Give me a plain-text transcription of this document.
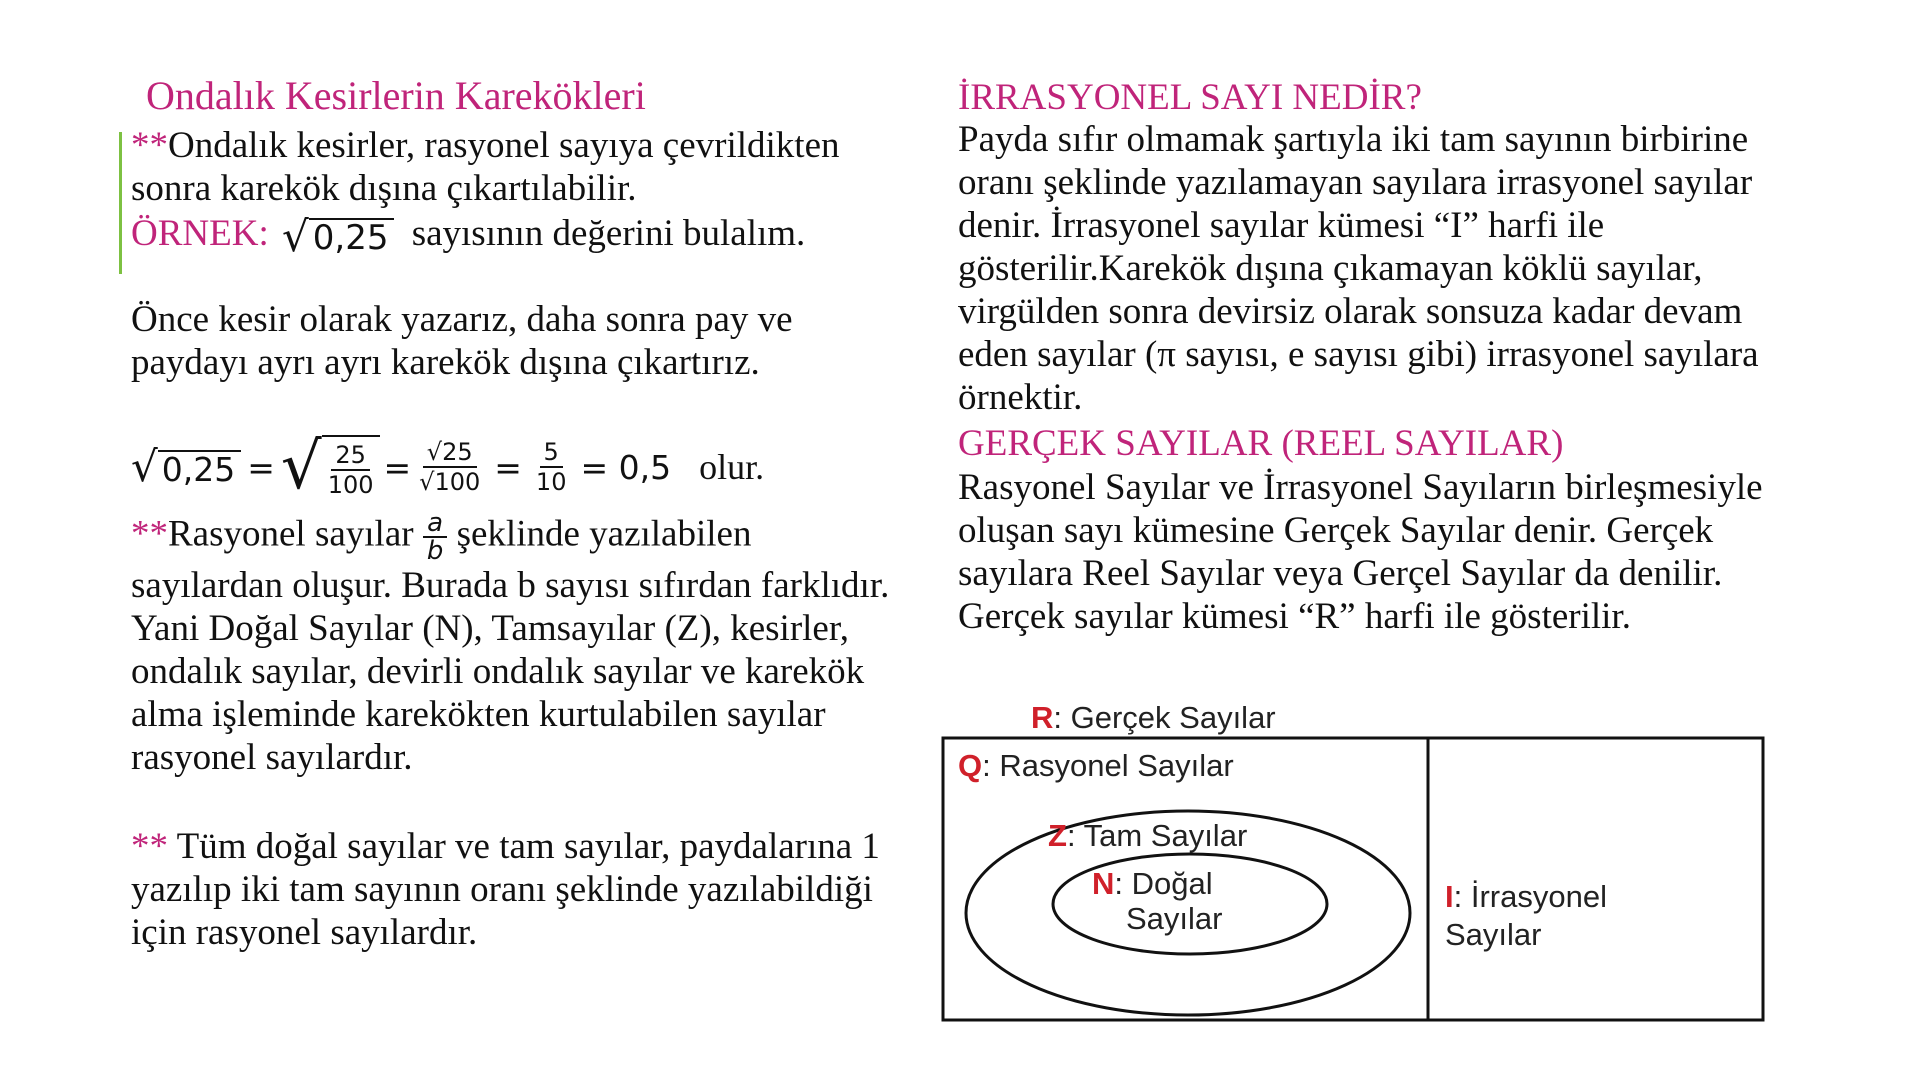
Ondalık Kesirlerin Karekökleri
**Ondalık kesirler, rasyonel sayıya çevrildikten sonra karekök dışına çıkartılabilir.
ÖRNEK: √ 0,25 sayısının değerini bulalım.
Önce kesir olarak yazarız, daha sonra pay ve paydayı ayrı ayrı karekök dışına çıkartırız.
√ 0,25 = √ $\frac{25}{100} = \frac{√25}{√100} = \frac{5}{10} = 0,5$ olur.
**Rasyonel sayılar $\frac{a}{b}$ şeklinde yazılabilen sayılardan oluşur. Burada b sayısı sıfırdan farklıdır. Yani Doğal Sayılar (N), Tamsayılar (Z), kesirler, ondalık sayılar, devirli ondalık sayılar ve karekök alma işleminde karekökten kurtulabilen sayılar rasyonel sayılardır.
** Tüm doğal sayılar ve tam sayılar, paydalarına 1 yazılıp iki tam sayının oranı şeklinde yazılabildiği için rasyonel sayılardır.
İRRASYONEL SAYI NEDİR?
Payda sıfır olmamak şartıyla iki tam sayının birbirine oranı şeklinde yazılamayan sayılara irrasyonel sayılar denir. İrrasyonel sayılar kümesi “I” harfi ile gösterilir.Karekök dışına çıkamayan köklü sayılar, virgülden sonra devirsiz olarak sonsuza kadar devam eden sayılar (π sayısı, e sayısı gibi) irrasyonel sayılara örnektir.
GERÇEK SAYILAR (REEL SAYILAR)
Rasyonel Sayılar ve İrrasyonel Sayıların birleşmesiyle oluşan sayı kümesine Gerçek Sayılar denir. Gerçek sayılara Reel Sayılar veya Gerçel Sayılar da denilir. Gerçek sayılar kümesi “R” harfi ile gösterilir.
R: Gerçek Sayılar
Q: Rasyonel Sayılar
Z: Tam Sayılar
N: Doğal
Sayılar
I: İrrasyonel
Sayılar
